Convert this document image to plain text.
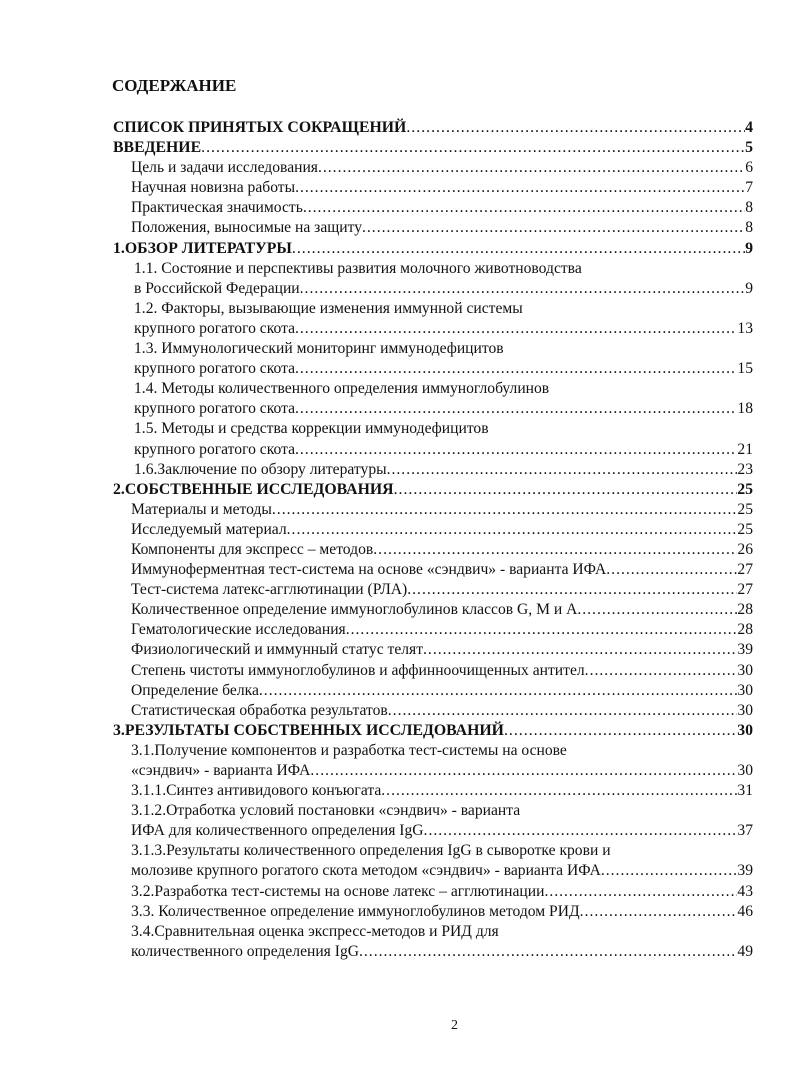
СОДЕРЖАНИЕ
СПИСОК ПРИНЯТЫХ СОКРАЩЕНИЙ .....	4
ВВЕДЕНИЕ .....	5
Цель и задачи исследования .....	6
Научная новизна работы .....	7
Практическая значимость .....	8
Положения, выносимые на защиту .....	8
1.ОБЗОР ЛИТЕРАТУРЫ .....	9
1.1. Состояние и перспективы развития молочного животноводства
в Российской Федерации .....	9
1.2. Факторы, вызывающие изменения иммунной системы
крупного рогатого скота .....	13
1.3. Иммунологический мониторинг иммунодефицитов
крупного рогатого скота .....	15
1.4. Методы количественного определения иммуноглобулинов
крупного рогатого скота .....	18
1.5. Методы и средства коррекции иммунодефицитов
крупного рогатого скота .....	21
1.6.Заключение по обзору литературы .....	23
2.СОБСТВЕННЫЕ ИССЛЕДОВАНИЯ .....	25
Материалы и методы .....	25
Исследуемый материал .....	25
Компоненты для экспресс – методов .....	26
Иммуноферментная тест-система на основе «сэндвич» - варианта ИФА .....	27
Тест-система латекс-агглютинации (РЛА) .....	27
Количественное определение иммуноглобулинов классов G, M и A .....	28
Гематологические исследования .....	28
Физиологический и иммунный статус телят .....	39
Степень чистоты иммуноглобулинов и аффинноочищенных антител .....	30
Определение белка .....	30
Статистическая обработка результатов .....	30
3.РЕЗУЛЬТАТЫ СОБСТВЕННЫХ ИССЛЕДОВАНИЙ .....	30
3.1.Получение компонентов и разработка тест-системы на основе
«сэндвич» - варианта ИФА .....	30
3.1.1.Синтез антивидового конъюгата .....	31
3.1.2.Отработка условий постановки «сэндвич» - варианта
ИФА для количественного определения IgG .....	37
3.1.3.Результаты количественного определения IgG в сыворотке крови и
молозиве крупного рогатого скота методом «сэндвич» - варианта ИФА .....	39
3.2.Разработка тест-системы на основе латекс – агглютинации .....	43
3.3. Количественное определение иммуноглобулинов методом РИД .....	46
3.4.Сравнительная оценка экспресс-методов и РИД для
количественного определения IgG .....	49
2
